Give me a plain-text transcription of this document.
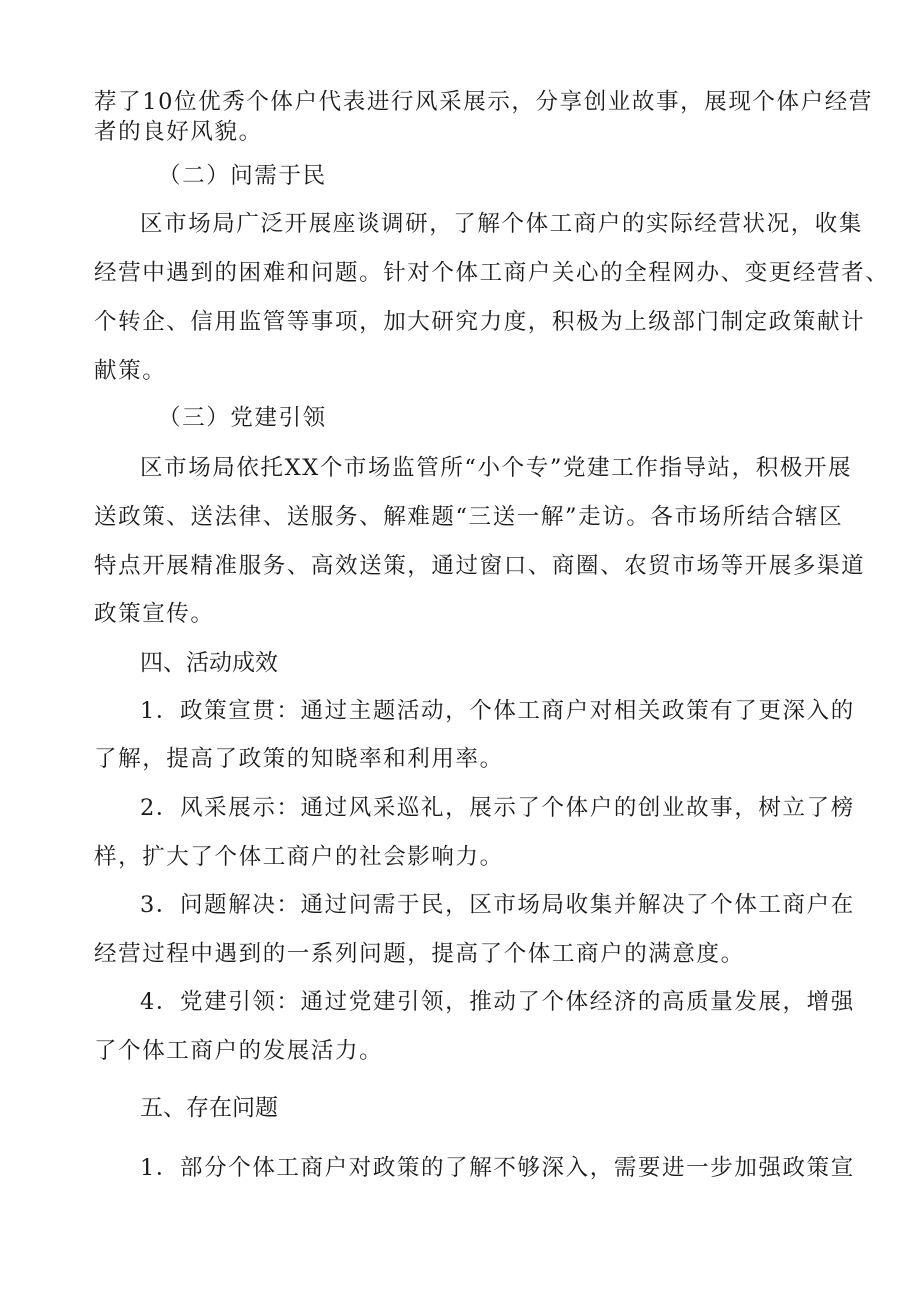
荐了10位优秀个体户代表进行风采展示，分享创业故事，展现个体户经营
者的良好风貌。
（二）问需于民
区市场局广泛开展座谈调研，了解个体工商户的实际经营状况，收集
经营中遇到的困难和问题。针对个体工商户关心的全程网办、变更经营者、
个转企、信用监管等事项，加大研究力度，积极为上级部门制定政策献计
献策。
（三）党建引领
区市场局依托XX个市场监管所“小个专”党建工作指导站，积极开展
送政策、送法律、送服务、解难题“三送一解”走访。各市场所结合辖区
特点开展精准服务、高效送策，通过窗口、商圈、农贸市场等开展多渠道
政策宣传。
四、活动成效
1．政策宣贯：通过主题活动，个体工商户对相关政策有了更深入的
了解，提高了政策的知晓率和利用率。
2．风采展示：通过风采巡礼，展示了个体户的创业故事，树立了榜
样，扩大了个体工商户的社会影响力。
3．问题解决：通过问需于民，区市场局收集并解决了个体工商户在
经营过程中遇到的一系列问题，提高了个体工商户的满意度。
4．党建引领：通过党建引领，推动了个体经济的高质量发展，增强
了个体工商户的发展活力。
五、存在问题
1．部分个体工商户对政策的了解不够深入，需要进一步加强政策宣
